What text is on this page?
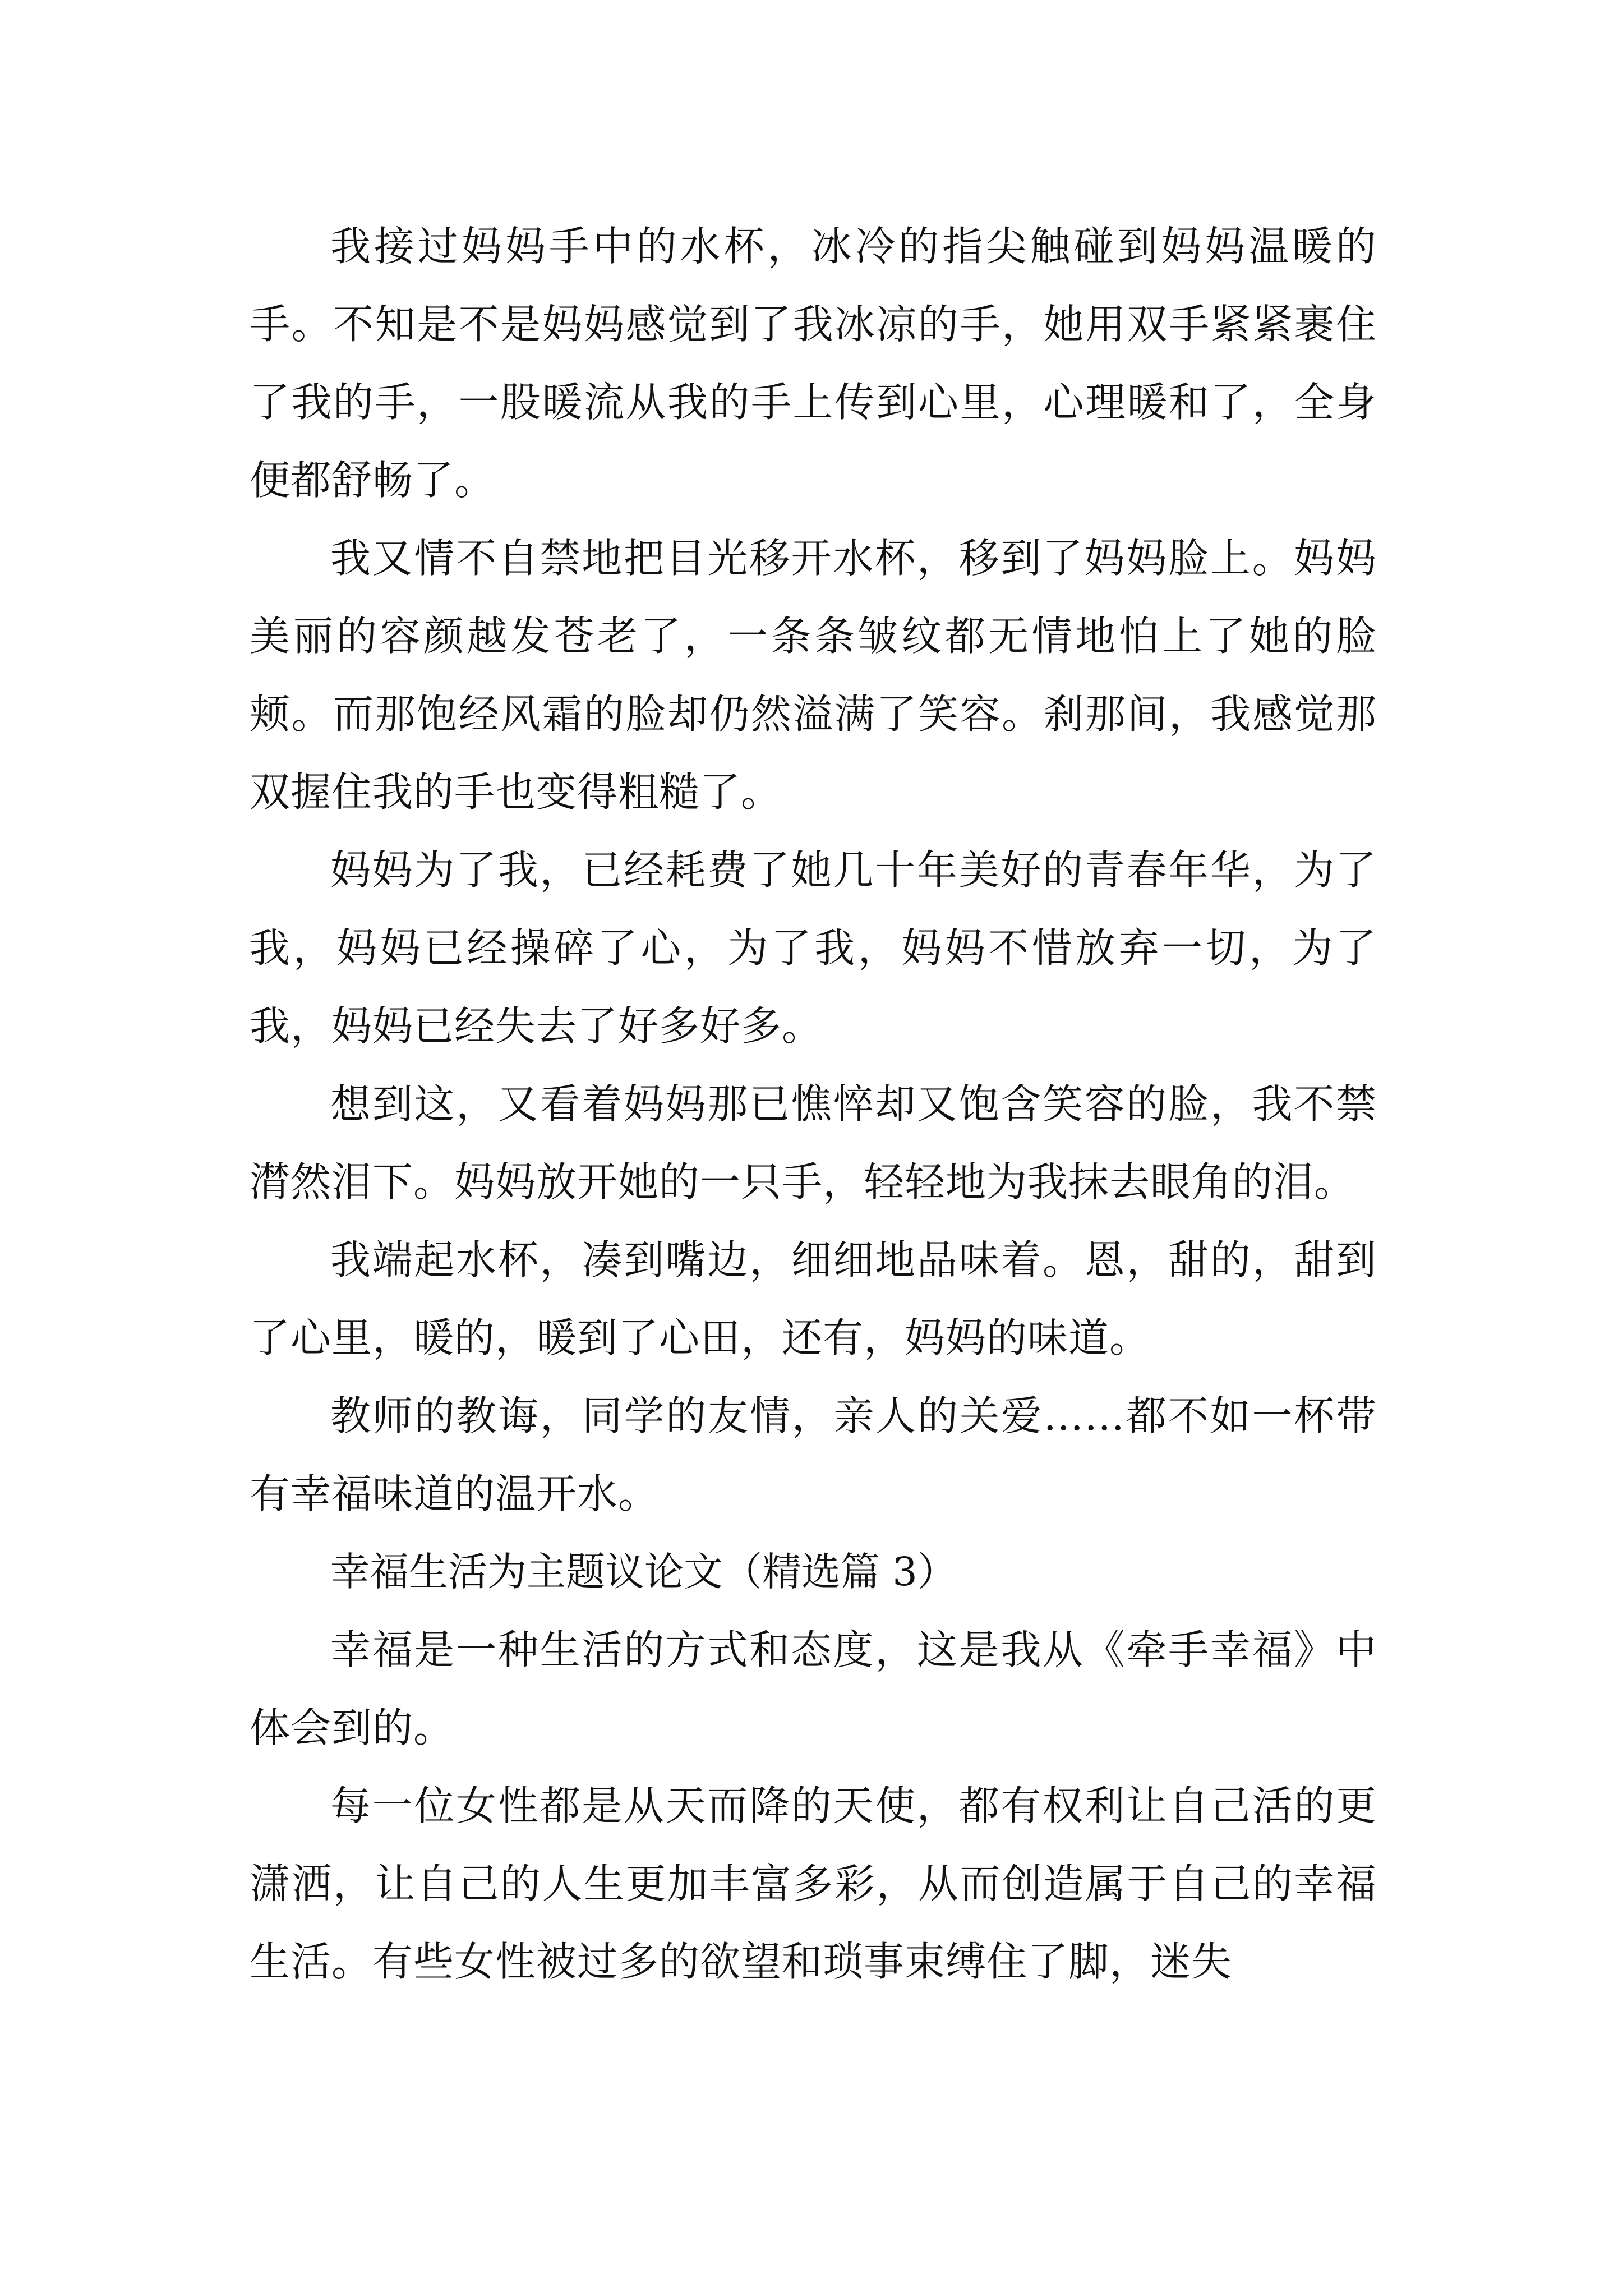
我接过妈妈手中的水杯，冰冷的指尖触碰到妈妈温暖的手。不知是不是妈妈感觉到了我冰凉的手，她用双手紧紧裹住了我的手，一股暖流从我的手上传到心里，心理暖和了，全身便都舒畅了。

我又情不自禁地把目光移开水杯，移到了妈妈脸上。妈妈美丽的容颜越发苍老了，一条条皱纹都无情地怕上了她的脸颊。而那饱经风霜的脸却仍然溢满了笑容。刹那间，我感觉那双握住我的手也变得粗糙了。

妈妈为了我，已经耗费了她几十年美好的青春年华，为了我，妈妈已经操碎了心，为了我，妈妈不惜放弃一切，为了我，妈妈已经失去了好多好多。

想到这，又看着妈妈那已憔悴却又饱含笑容的脸，我不禁潸然泪下。妈妈放开她的一只手，轻轻地为我抹去眼角的泪。

我端起水杯，凑到嘴边，细细地品味着。恩，甜的，甜到了心里，暖的，暖到了心田，还有，妈妈的味道。

教师的教诲，同学的友情，亲人的关爱……都不如一杯带有幸福味道的温开水。

幸福生活为主题议论文（精选篇 3）

幸福是一种生活的方式和态度，这是我从《牵手幸福》中体会到的。

每一位女性都是从天而降的天使，都有权利让自己活的更潇洒，让自己的人生更加丰富多彩，从而创造属于自己的幸福生活。有些女性被过多的欲望和琐事束缚住了脚，迷失
